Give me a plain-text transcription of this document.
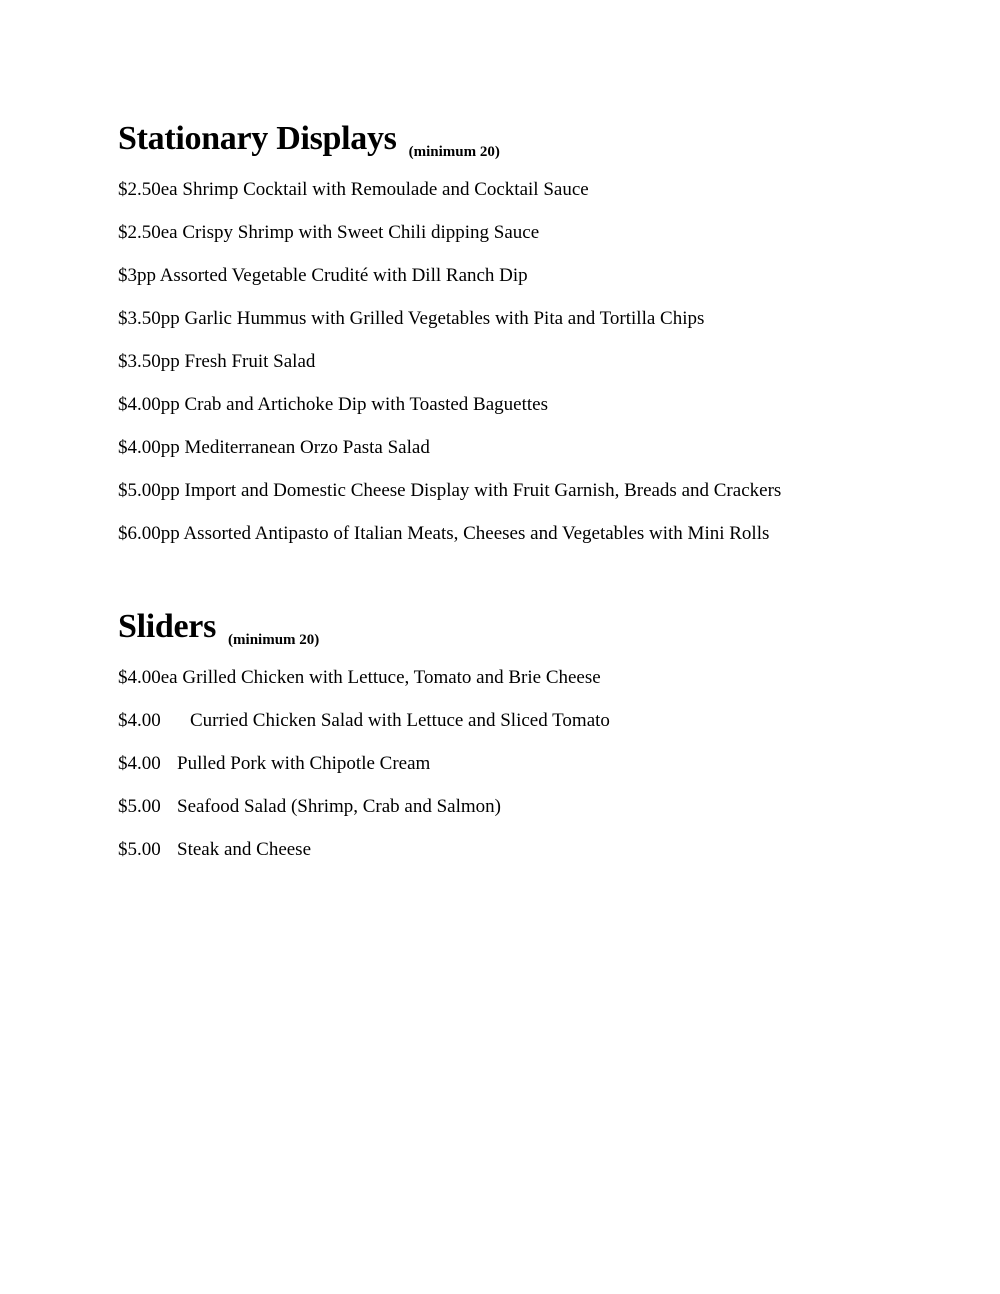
Stationary Displays $_{(minimum 20)}$
$2.50ea Shrimp Cocktail with Remoulade and Cocktail Sauce
$2.50ea Crispy Shrimp with Sweet Chili dipping Sauce
$3pp Assorted Vegetable Crudité with Dill Ranch Dip
$3.50pp Garlic Hummus with Grilled Vegetables with Pita and Tortilla Chips
$3.50pp Fresh Fruit Salad
$4.00pp Crab and Artichoke Dip with Toasted Baguettes
$4.00pp Mediterranean Orzo Pasta Salad
$5.00pp Import and Domestic Cheese Display with Fruit Garnish, Breads and Crackers
$6.00pp Assorted Antipasto of Italian Meats, Cheeses and Vegetables with Mini Rolls
Sliders $_{(minimum 20)}$
$4.00ea Grilled Chicken with Lettuce, Tomato and Brie Cheese
$4.00 Curried Chicken Salad with Lettuce and Sliced Tomato
$4.00 Pulled Pork with Chipotle Cream
$5.00 Seafood Salad (Shrimp, Crab and Salmon)
$5.00 Steak and Cheese
